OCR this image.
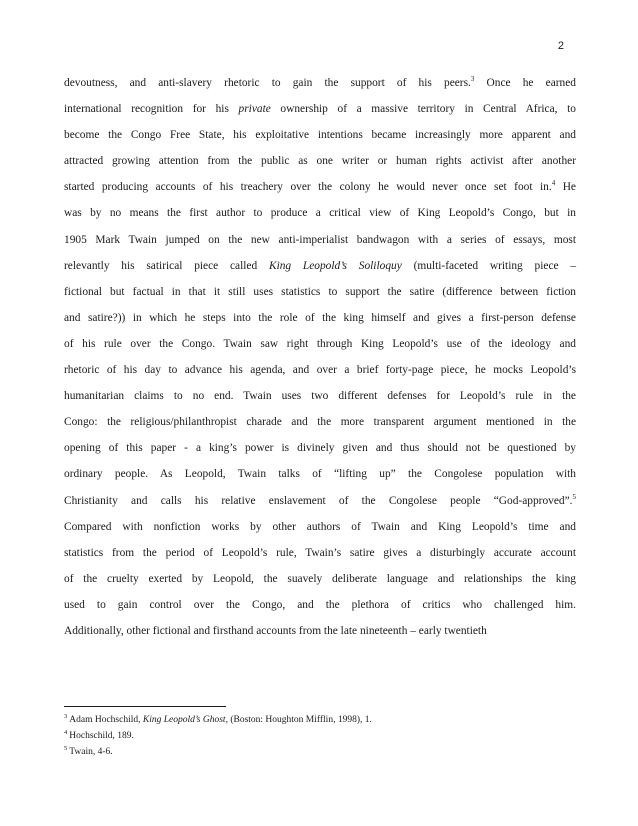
2
devoutness, and anti-slavery rhetoric to gain the support of his peers.$^3$ Once he earned
international recognition for his private ownership of a massive territory in Central Africa, to
become the Congo Free State, his exploitative intentions became increasingly more apparent and
attracted growing attention from the public as one writer or human rights activist after another
started producing accounts of his treachery over the colony he would never once set foot in.$^4$ He
was by no means the first author to produce a critical view of King Leopold’s Congo, but in
1905 Mark Twain jumped on the new anti-imperialist bandwagon with a series of essays, most
relevantly his satirical piece called King Leopold’s Soliloquy (multi-faceted writing piece –
fictional but factual in that it still uses statistics to support the satire (difference between fiction
and satire?)) in which he steps into the role of the king himself and gives a first-person defense
of his rule over the Congo. Twain saw right through King Leopold’s use of the ideology and
rhetoric of his day to advance his agenda, and over a brief forty-page piece, he mocks Leopold’s
humanitarian claims to no end. Twain uses two different defenses for Leopold’s rule in the
Congo: the religious/philanthropist charade and the more transparent argument mentioned in the
opening of this paper - a king’s power is divinely given and thus should not be questioned by
ordinary people. As Leopold, Twain talks of “lifting up” the Congolese population with
Christianity and calls his relative enslavement of the Congolese people “God-approved”.$^5$
Compared with nonfiction works by other authors of Twain and King Leopold’s time and
statistics from the period of Leopold’s rule, Twain’s satire gives a disturbingly accurate account
of the cruelty exerted by Leopold, the suavely deliberate language and relationships the king
used to gain control over the Congo, and the plethora of critics who challenged him.
Additionally, other fictional and firsthand accounts from the late nineteenth – early twentieth
$^3$ Adam Hochschild, King Leopold’s Ghost, (Boston: Houghton Mifflin, 1998), 1.
$^4$ Hochschild, 189.
$^5$ Twain, 4-6.
